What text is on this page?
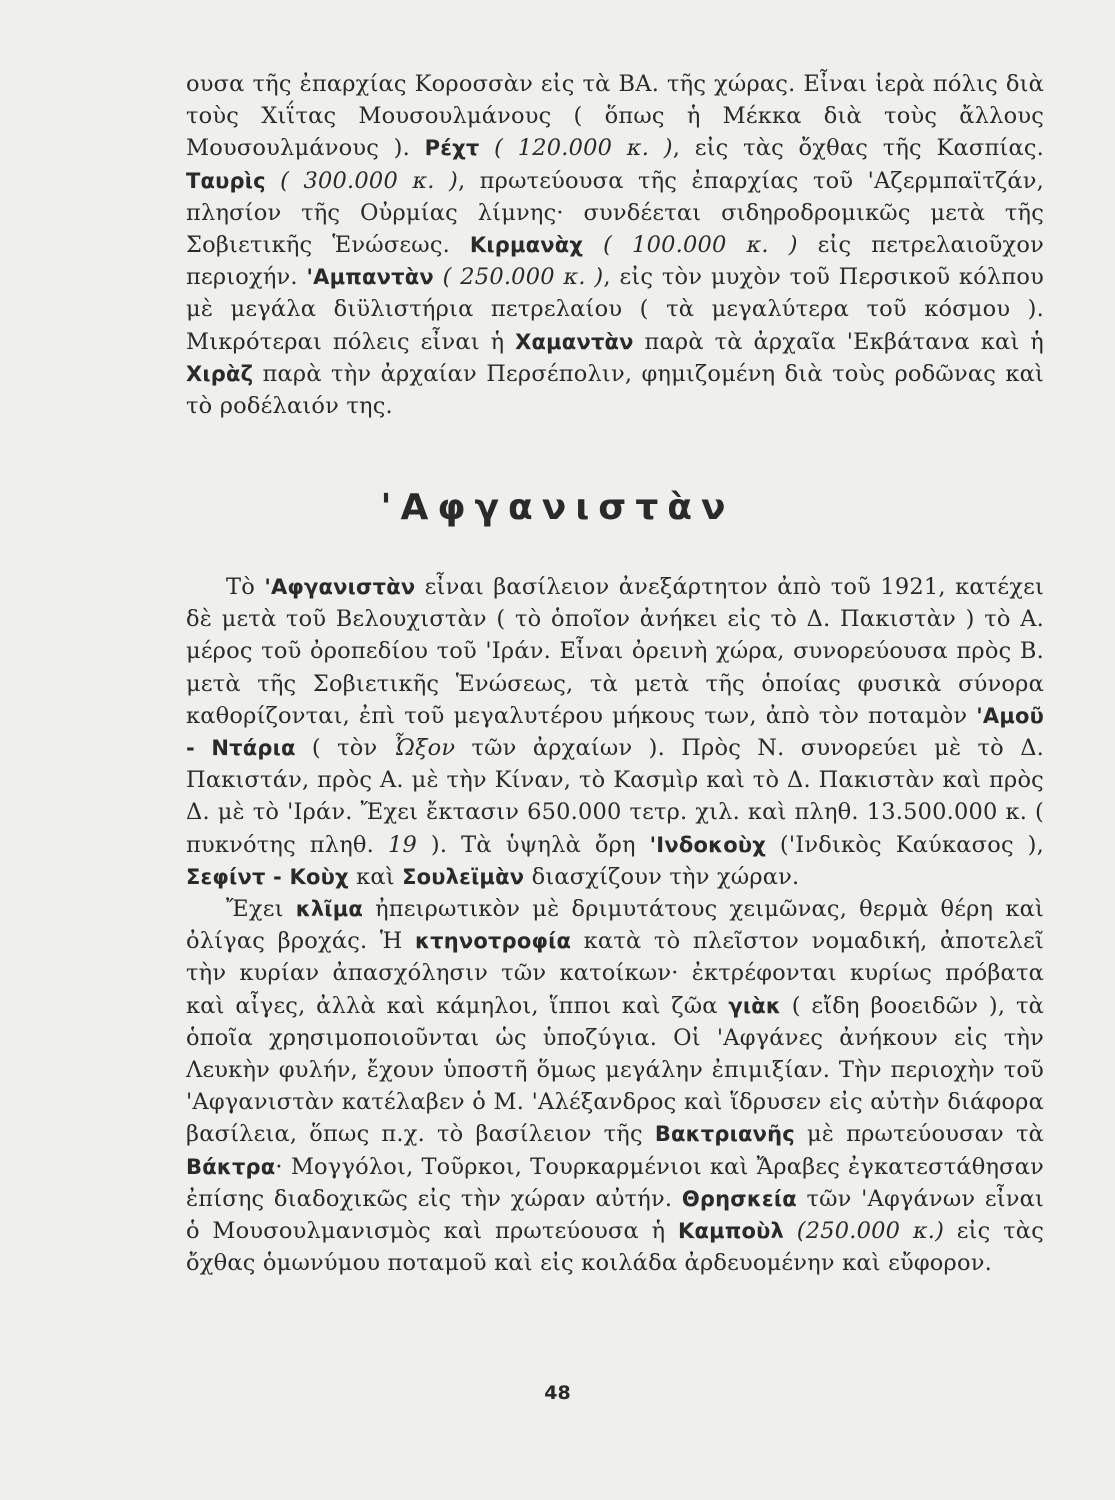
ουσα τῆς ἐπαρχίας Κοροσσὰν εἰς τὰ ΒΑ. τῆς χώρας. Εἶναι ἱερὰ πόλις διὰ τοὺς Χιΐτας Μουσουλμάνους ( ὅπως ἡ Μέκκα διὰ τοὺς ἄλλους Μουσουλμάνους ). Ρέχτ ( 120.000 κ. ), εἰς τὰς ὄχθας τῆς Κασπίας. Ταυρὶς ( 300.000 κ. ), πρωτεύουσα τῆς ἐπαρχίας τοῦ 'Αζερμπαϊτζάν, πλησίον τῆς Οὐρμίας λίμνης· συνδέεται σιδηροδρομικῶς μετὰ τῆς Σοβιετικῆς Ἑνώσεως. Κιρμανὰχ ( 100.000 κ. ) εἰς πετρελαιοῦχον περιοχήν. 'Αμπαντὰν ( 250.000 κ. ), εἰς τὸν μυχὸν τοῦ Περσικοῦ κόλπου μὲ μεγάλα διϋλιστήρια πετρελαίου ( τὰ μεγαλύτερα τοῦ κόσμου ). Μικρότεραι πόλεις εἶναι ἡ Χαμαντὰν παρὰ τὰ ἀρχαῖα 'Εκβάτανα καὶ ἡ Χιρὰζ παρὰ τὴν ἀρχαίαν Περσέπολιν, φημιζομένη διὰ τοὺς ροδῶνας καὶ τὸ ροδέλαιόν της.

'Αφγανιστὰν

Τὸ 'Αφγανιστὰν εἶναι βασίλειον ἀνεξάρτητον ἀπὸ τοῦ 1921, κατέχει δὲ μετὰ τοῦ Βελουχιστὰν ( τὸ ὁποῖον ἀνήκει εἰς τὸ Δ. Πακιστὰν ) τὸ Α. μέρος τοῦ ὀροπεδίου τοῦ 'Ιράν. Εἶναι ὀρεινὴ χώρα, συνορεύουσα πρὸς Β. μετὰ τῆς Σοβιετικῆς Ἑνώσεως, τὰ μετὰ τῆς ὁποίας φυσικὰ σύνορα καθορίζονται, ἐπὶ τοῦ μεγαλυτέρου μήκους των, ἀπὸ τὸν ποταμὸν 'Αμοῦ - Ντάρια ( τὸν Ὦξον τῶν ἀρχαίων ). Πρὸς Ν. συνορεύει μὲ τὸ Δ. Πακιστάν, πρὸς Α. μὲ τὴν Κίναν, τὸ Κασμὶρ καὶ τὸ Δ. Πακιστὰν καὶ πρὸς Δ. μὲ τὸ 'Ιράν. Ἔχει ἔκτασιν 650.000 τετρ. χιλ. καὶ πληθ. 13.500.000 κ. ( πυκνότης πληθ. 19 ). Τὰ ὑψηλὰ ὄρη 'Ινδοκοὺχ ('Ινδικὸς Καύκασος ), Σεφίντ - Κοὺχ καὶ Σουλεϊμὰν διασχίζουν τὴν χώραν.

Ἔχει κλῖμα ἠπειρωτικὸν μὲ δριμυτάτους χειμῶνας, θερμὰ θέρη καὶ ὀλίγας βροχάς. Ἡ κτηνοτροφία κατὰ τὸ πλεῖστον νομαδική, ἀποτελεῖ τὴν κυρίαν ἀπασχόλησιν τῶν κατοίκων· ἐκτρέφονται κυρίως πρόβατα καὶ αἶγες, ἀλλὰ καὶ κάμηλοι, ἵπποι καὶ ζῶα γιὰκ ( εἴδη βοοειδῶν ), τὰ ὁποῖα χρησιμοποιοῦνται ὡς ὑποζύγια. Οἱ 'Αφγάνες ἀνήκουν εἰς τὴν Λευκὴν φυλήν, ἔχουν ὑποστῆ ὅμως μεγάλην ἐπιμιξίαν. Τὴν περιοχὴν τοῦ 'Αφγανιστὰν κατέλαβεν ὁ Μ. 'Αλέξανδρος καὶ ἵδρυσεν εἰς αὐτὴν διάφορα βασίλεια, ὅπως π.χ. τὸ βασίλειον τῆς Βακτριανῆς μὲ πρωτεύουσαν τὰ Βάκτρα· Μογγόλοι, Τοῦρκοι, Τουρκαρμένιοι καὶ Ἄραβες ἐγκατεστάθησαν ἐπίσης διαδοχικῶς εἰς τὴν χώραν αὐτήν. Θρησκεία τῶν 'Αφγάνων εἶναι ὁ Μουσουλμανισμὸς καὶ πρωτεύουσα ἡ Καμποὺλ (250.000 κ.) εἰς τὰς ὄχθας ὁμωνύμου ποταμοῦ καὶ εἰς κοιλάδα ἀρδευομένην καὶ εὔφορον.

48
